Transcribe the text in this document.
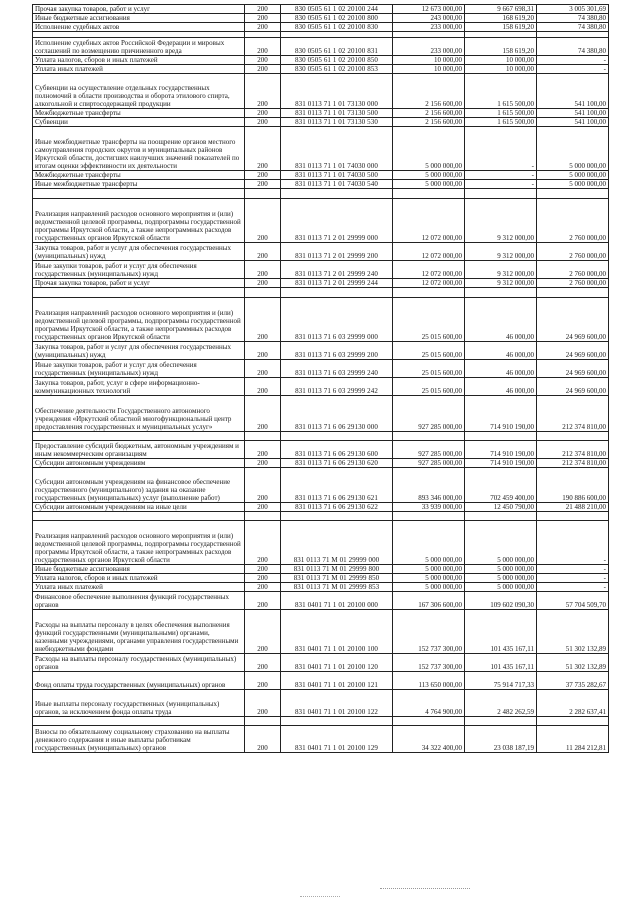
Прочая закупка товаров, работ и услуг	200	830 0505 61 1 02 20100 244	12 673 000,00	9 667 698,31	3 005 301,69
Иные бюджетные ассигнования	200	830 0505 61 1 02 20100 800	243 000,00	168 619,20	74 380,80
Исполнение судебных актов	200	830 0505 61 1 02 20100 830	233 000,00	158 619,20	74 380,80

Исполнение судебных актов Российской Федерации и мировых соглашений по возмещению причиненного вреда	200	830 0505 61 1 02 20100 831	233 000,00	158 619,20	74 380,80
Уплата налогов, сборов и иных платежей	200	830 0505 61 1 02 20100 850	10 000,00	10 000,00	-
Уплата иных платежей	200	830 0505 61 1 02 20100 853	10 000,00	10 000,00	-
Субвенции на осуществление отдельных государственных полномочий в области производства и оборота этилового спирта, алкогольной и спиртосодержащей продукции	200	831 0113 71 1 01 73130 000	2 156 600,00	1 615 500,00	541 100,00
Межбюджетные трансферты	200	831 0113 71 1 01 73130 500	2 156 600,00	1 615 500,00	541 100,00
Субвенции	200	831 0113 71 1 01 73130 530	2 156 600,00	1 615 500,00	541 100,00
Иные межбюджетные трансферты на поощрение органов местного самоуправления городских округов и муниципальных районов Иркутской области, достигших наилучших значений показателей по итогам оценки эффективности их деятельности	200	831 0113 71 1 01 74030 000	5 000 000,00	-	5 000 000,00
Межбюджетные трансферты	200	831 0113 71 1 01 74030 500	5 000 000,00	-	5 000 000,00
Иные межбюджетные трансферты	200	831 0113 71 1 01 74030 540	5 000 000,00	-	5 000 000,00

Реализация направлений расходов основного мероприятия и (или) ведомственной целевой программы, подпрограммы государственной программы Иркутской области, а также непрограммных расходов государственных органов Иркутской области	200	831 0113 71 2 01 29999 000	12 072 000,00	9 312 000,00	2 760 000,00
Закупка товаров, работ и услуг для обеспечения государственных (муниципальных) нужд	200	831 0113 71 2 01 29999 200	12 072 000,00	9 312 000,00	2 760 000,00
Иные закупки товаров, работ и услуг для обеспечения государственных (муниципальных) нужд	200	831 0113 71 2 01 29999 240	12 072 000,00	9 312 000,00	2 760 000,00
Прочая закупка товаров, работ и услуг	200	831 0113 71 2 01 29999 244	12 072 000,00	9 312 000,00	2 760 000,00

Реализация направлений расходов основного мероприятия и (или) ведомственной целевой программы, подпрограммы государственной программы Иркутской области, а также непрограммных расходов государственных органов Иркутской области	200	831 0113 71 6 03 29999 000	25 015 600,00	46 000,00	24 969 600,00
Закупка товаров, работ и услуг для обеспечения государственных (муниципальных) нужд	200	831 0113 71 6 03 29999 200	25 015 600,00	46 000,00	24 969 600,00
Иные закупки товаров, работ и услуг для обеспечения государственных (муниципальных) нужд	200	831 0113 71 6 03 29999 240	25 015 600,00	46 000,00	24 969 600,00
Закупка товаров, работ, услуг в сфере информационно-коммуникационных технологий	200	831 0113 71 6 03 29999 242	25 015 600,00	46 000,00	24 969 600,00
Обеспечение деятельности Государственного автономного учреждения «Иркутский областной многофункциональный центр предоставления государственных и муниципальных услуг»	200	831 0113 71 6 06 29130 000	927 285 000,00	714 910 190,00	212 374 810,00

Предоставление субсидий бюджетным, автономным учреждениям и иным некоммерческим организациям	200	831 0113 71 6 06 29130 600	927 285 000,00	714 910 190,00	212 374 810,00
Субсидии автономным учреждениям	200	831 0113 71 6 06 29130 620	927 285 000,00	714 910 190,00	212 374 810,00
Субсидии автономным учреждениям на финансовое обеспечение государственного (муниципального) задания на оказание государственных (муниципальных) услуг (выполнение работ)	200	831 0113 71 6 06 29130 621	893 346 000,00	702 459 400,00	190 886 600,00
Субсидии автономным учреждениям на иные цели	200	831 0113 71 6 06 29130 622	33 939 000,00	12 450 790,00	21 488 210,00

Реализация направлений расходов основного мероприятия и (или) ведомственной целевой программы, подпрограммы государственной программы Иркутской области, а также непрограммных расходов государственных органов Иркутской области	200	831 0113 71 М 01 29999 000	5 000 000,00	5 000 000,00	-
Иные бюджетные ассигнования	200	831 0113 71 М 01 29999 800	5 000 000,00	5 000 000,00	-
Уплата налогов, сборов и иных платежей	200	831 0113 71 М 01 29999 850	5 000 000,00	5 000 000,00	-
Уплата иных платежей	200	831 0113 71 М 01 29999 853	5 000 000,00	5 000 000,00	-
Финансовое обеспечение выполнения функций государственных органов	200	831 0401 71 1 01 20100 000	167 306 600,00	109 602 090,30	57 704 509,70
Расходы на выплаты персоналу в целях обеспечения выполнения функций государственными (муниципальными) органами, казенными учреждениями, органами управления государственными внебюджетными фондами	200	831 0401 71 1 01 20100 100	152 737 300,00	101 435 167,11	51 302 132,89
Расходы на выплаты персоналу государственных (муниципальных) органов	200	831 0401 71 1 01 20100 120	152 737 300,00	101 435 167,11	51 302 132,89
Фонд оплаты труда государственных (муниципальных) органов	200	831 0401 71 1 01 20100 121	113 650 000,00	75 914 717,33	37 735 282,67
Иные выплаты персоналу государственных (муниципальных) органов, за исключением фонда оплаты труда	200	831 0401 71 1 01 20100 122	4 764 900,00	2 482 262,59	2 282 637,41

Взносы по обязательному социальному страхованию на выплаты денежного содержания и иные выплаты работникам государственных (муниципальных) органов	200	831 0401 71 1 01 20100 129	34 322 400,00	23 038 187,19	11 284 212,81
